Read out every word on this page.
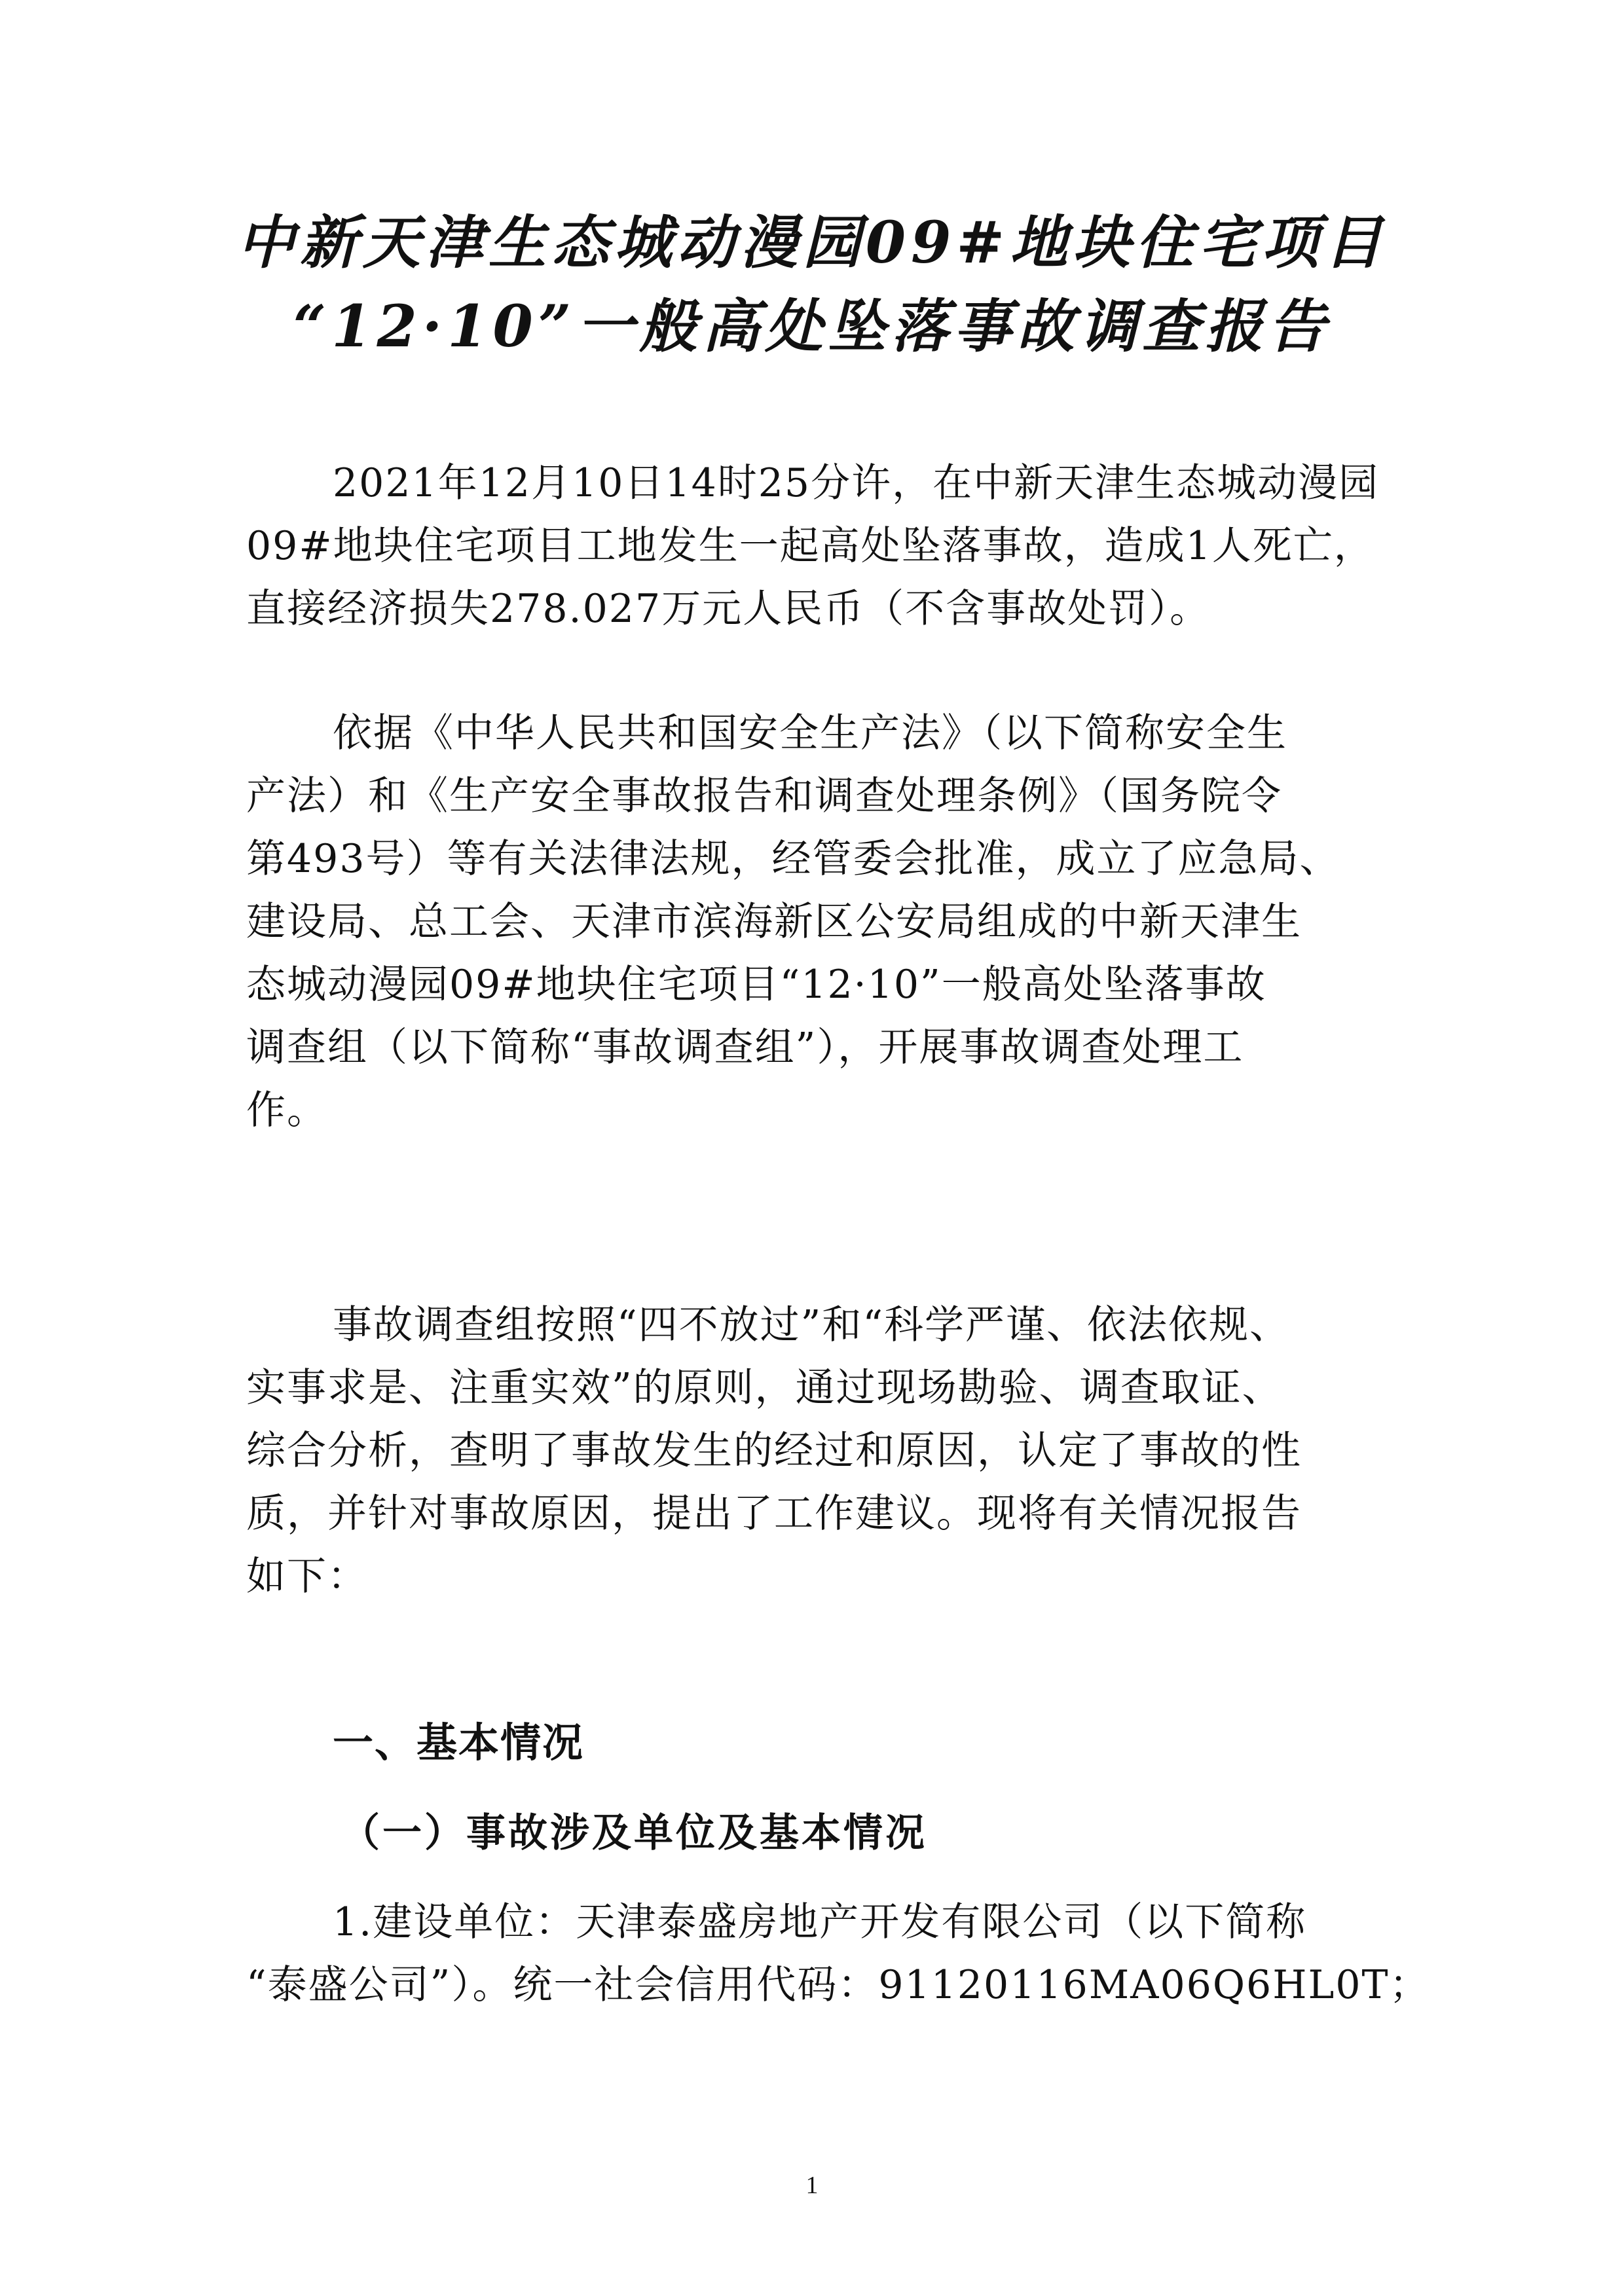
中新天津生态城动漫园09#地块住宅项目
“12·10”一般高处坠落事故调查报告
2021年12月10日14时25分许，在中新天津生态城动漫园
09#地块住宅项目工地发生一起高处坠落事故，造成1人死亡，
直接经济损失278.027万元人民币（不含事故处罚）。
依据《中华人民共和国安全生产法》（以下简称安全生
产法）和《生产安全事故报告和调查处理条例》（国务院令
第493号）等有关法律法规，经管委会批准，成立了应急局、
建设局、总工会、天津市滨海新区公安局组成的中新天津生
态城动漫园09#地块住宅项目“12·10”一般高处坠落事故
调查组（以下简称“事故调查组”），开展事故调查处理工
作。
事故调查组按照“四不放过”和“科学严谨、依法依规、
实事求是、注重实效”的原则，通过现场勘验、调查取证、
综合分析，查明了事故发生的经过和原因，认定了事故的性
质，并针对事故原因，提出了工作建议。现将有关情况报告
如下：
一、基本情况
（一）事故涉及单位及基本情况
1.建设单位：天津泰盛房地产开发有限公司（以下简称
“泰盛公司”）。统一社会信用代码：91120116MA06Q6HL0T；
1
